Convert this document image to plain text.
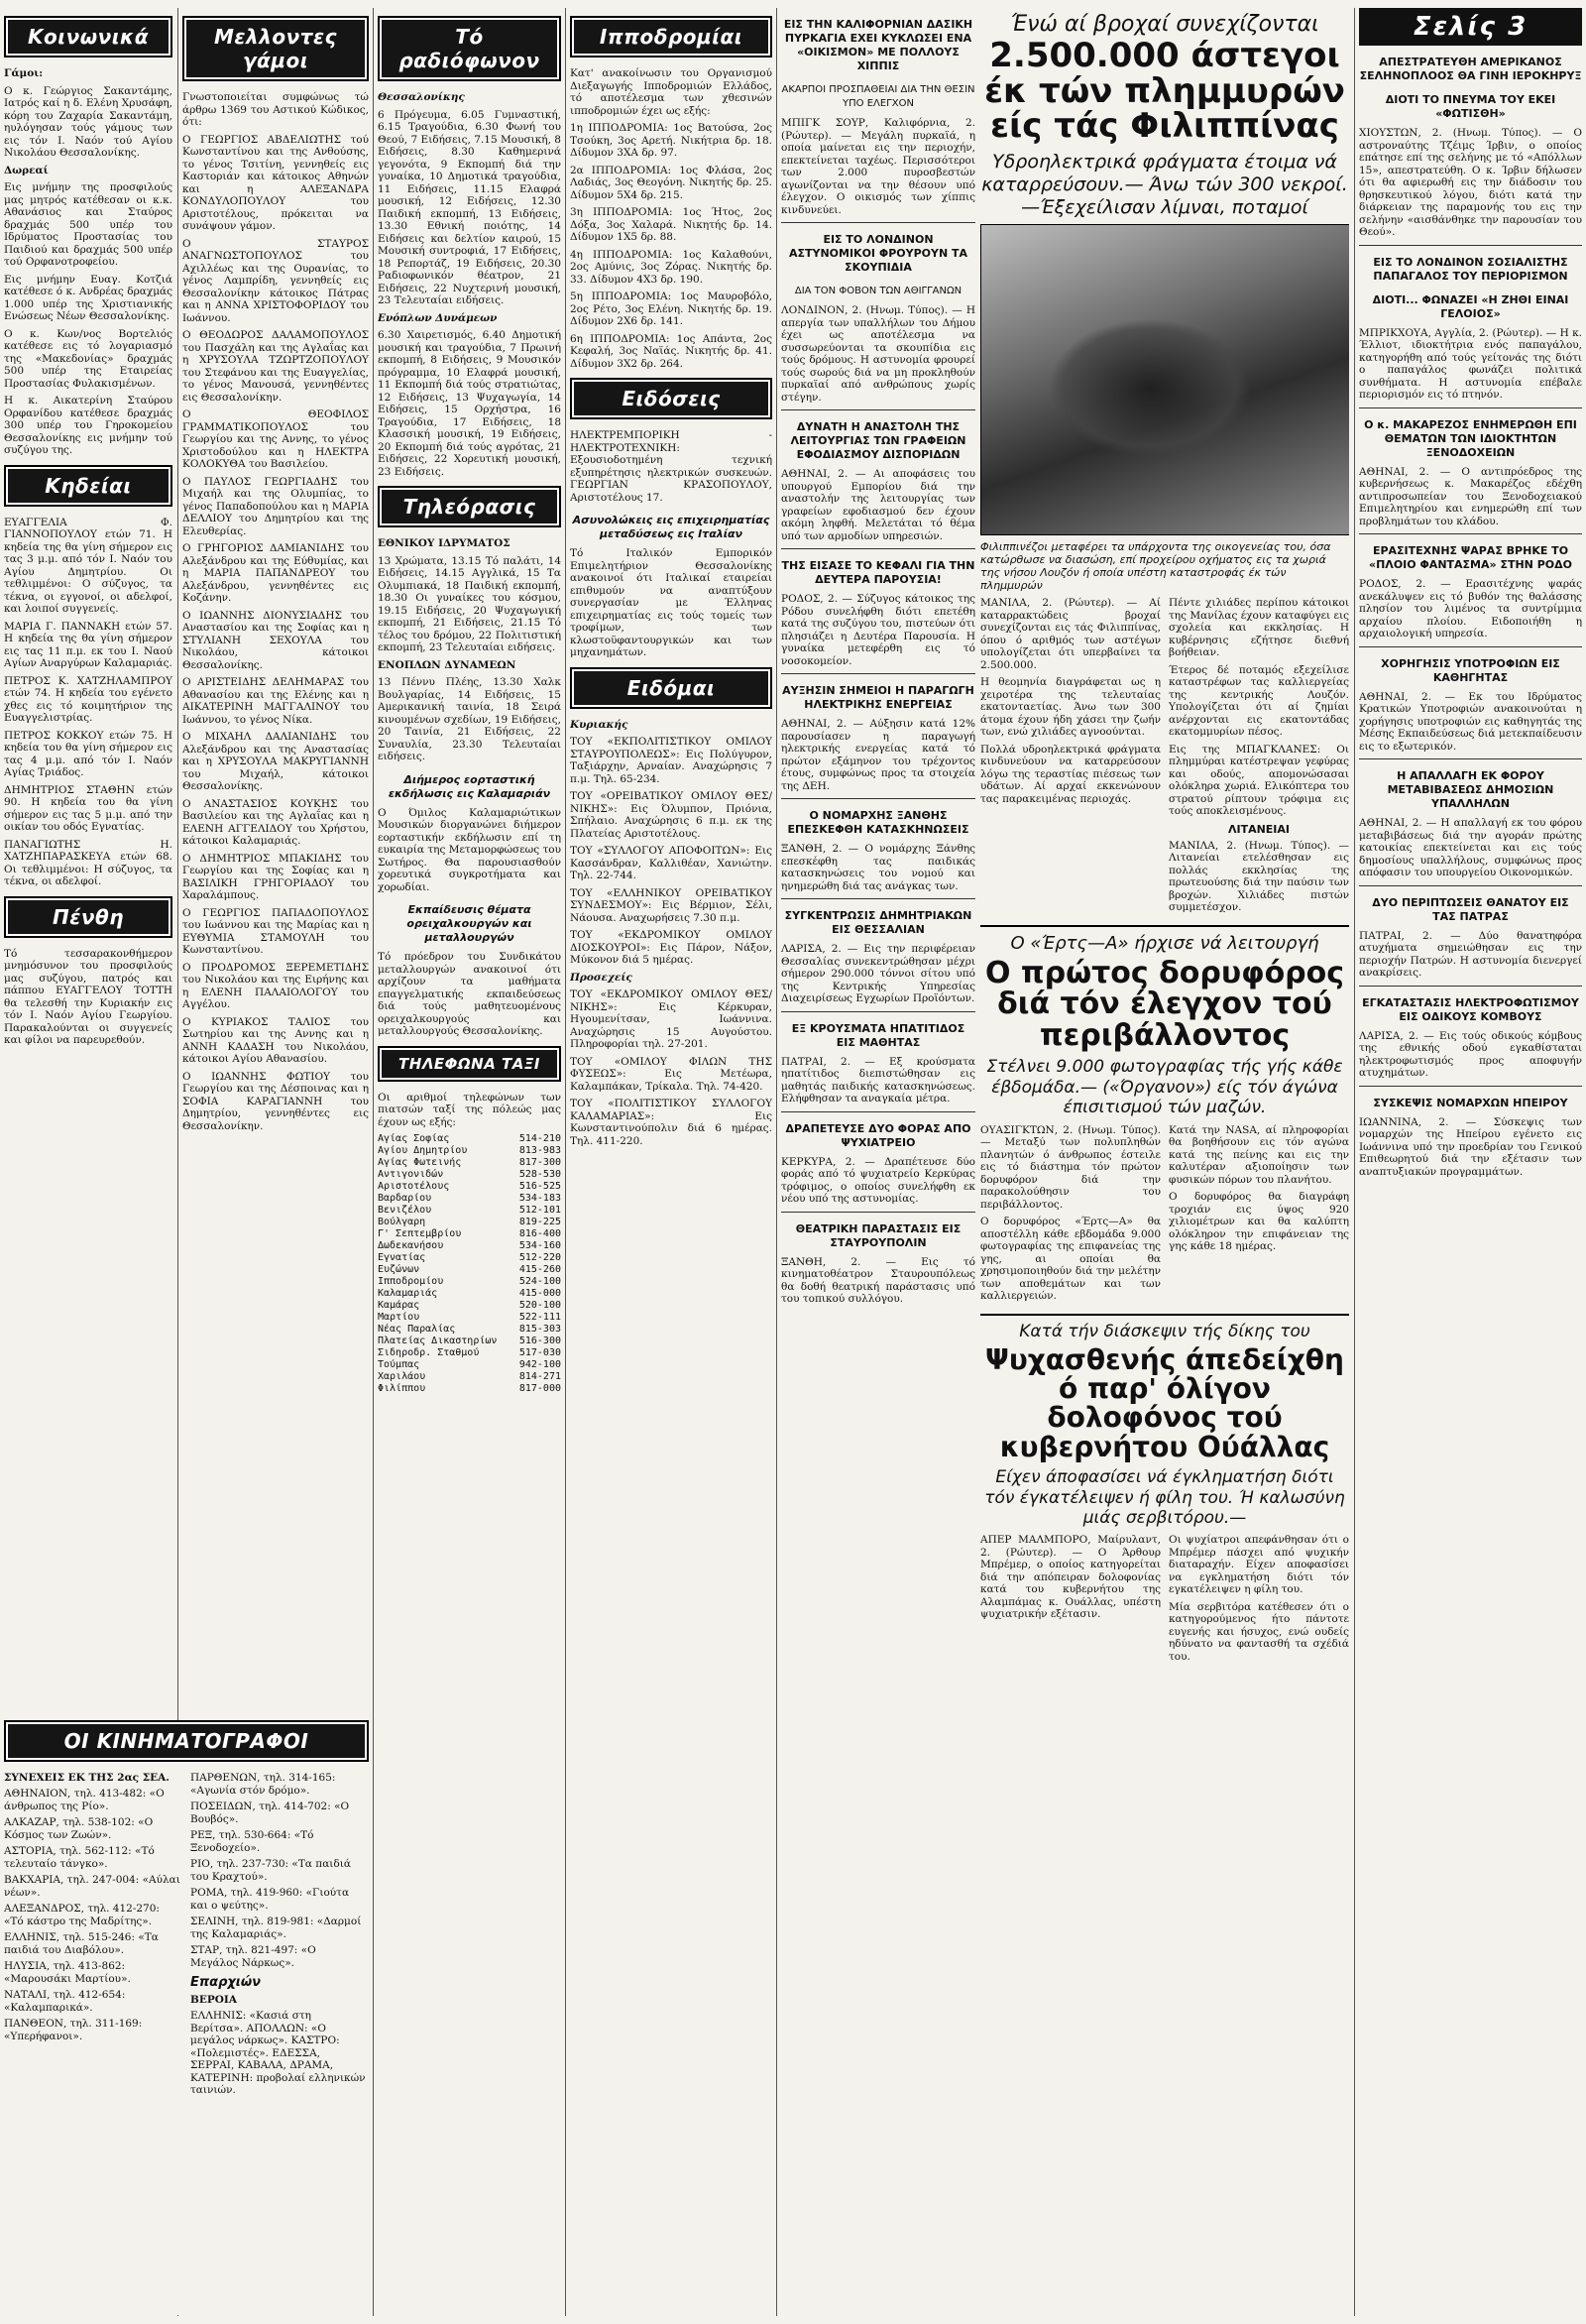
Κοινωνικά

Γάμοι:

Ο κ. Γεώργιος Σακαντάμης, Ιατρός καί η δ. Ελένη Χρυσάφη, κόρη του Ζαχαρία Σακαντάμη, ηυλόγησαν τούς γάμους των εις τόν Ι. Ναόν τού Αγίου Νικολάου Θεσσαλονίκης.

Δωρεαί

Εις μνήμην της προσφιλούς μας μητρός κατέθεσαν οι κ.κ. Αθανάσιος και Σταύρος δραχμάς 500 υπέρ του Ιδρύματος Προστασίας του Παιδιού και δραχμάς 500 υπέρ τού Ορφανοτροφείου.

Εις μνήμην Ευαγ. Κοτζιά κατέθεσε ό κ. Ανδρέας δραχμάς 1.000 υπέρ της Χριστιανικής Ενώσεως Νέων Θεσσαλονίκης.

Ο κ. Κων/νος Βορτελιός κατέθεσε εις τό λογαριασμό της «Μακεδονίας» δραχμάς 500 υπέρ της Εταιρείας Προστασίας Φυλακισμένων.

Η κ. Αικατερίνη Σταύρου Ορφανίδου κατέθεσε δραχμάς 300 υπέρ του Γηροκομείου Θεσσαλονίκης εις μνήμην τού συζύγου της.

Κηδείαι

ΕΥΑΓΓΕΛΙΑ Φ. ΓΙΑΝΝΟΠΟΥΛΟΥ ετών 71. Η κηδεία της θα γίνη σήμερον εις τας 3 μ.μ. από τόν Ι. Ναόν του Αγίου Δημητρίου. Οι τεθλιμμένοι: Ο σύζυγος, τα τέκνα, οι εγγονοί, οι αδελφοί, και λοιποί συγγενείς.

ΜΑΡΙΑ Γ. ΠΑΝΝΑΚΗ ετών 57. Η κηδεία της θα γίνη σήμερον εις τας 11 π.μ. εκ του Ι. Ναού Αγίων Αναργύρων Καλαμαριάς.

ΠΕΤΡΟΣ Κ. ΧΑΤΖΗΛΑΜΠΡΟΥ ετών 74. Η κηδεία του εγένετο χθες εις τό κοιμητήριον της Ευαγγελιστρίας.

ΠΕΤΡΟΣ ΚΟΚΚΟΥ ετών 75. Η κηδεία του θα γίνη σήμερον εις τας 4 μ.μ. από τόν Ι. Ναόν Αγίας Τριάδος.

ΔΗΜΗΤΡΙΟΣ ΣΤΑΘΗΝ ετών 90. Η κηδεία του θα γίνη σήμερον εις τας 5 μ.μ. από την οικίαν του οδός Εγνατίας.

ΠΑΝΑΓΙΩΤΗΣ Η. ΧΑΤΖΗΠΑΡΑΣΚΕΥΑ ετών 68. Οι τεθλιμμένοι: Η σύζυγος, τα τέκνα, οι αδελφοί.

Πένθη

Τό τεσσαρακονθήμερον μνημόσυνον του προσφιλούς μας συζύγου, πατρός και πάππου ΕΥΑΓΓΕΛΟΥ ΤΟΤΤΗ θα τελεσθή την Κυριακήν εις τόν Ι. Ναόν Αγίου Γεωργίου. Παρακαλούνται οι συγγενείς και φίλοι να παρευρεθούν.

ΟΙ ΚΙΝΗΜΑΤΟΓΡΑΦΟΙ

ΣΥΝΕΧΕΙΣ ΕΚ ΤΗΣ 2ας ΣΕΑ.

ΑΘΗΝΑΙΟΝ, τηλ. 413-482: «Ο άνθρωπος της Ρίο».

ΑΛΚΑΖΑΡ, τηλ. 538-102: «Ο Κόσμος των Ζωών».

ΑΣΤΟΡΙΑ, τηλ. 562-112: «Τό τελευταίο τάνγκο».

ΒΑΚΧΑΡΙΑ, τηλ. 247-004: «Αύλαι νέων».

ΑΛΕΞΑΝΔΡΟΣ, τηλ. 412-270: «Τό κάστρο της Μαδρίτης».

ΕΛΛΗΝΙΣ, τηλ. 515-246: «Τα παιδιά του Διαβόλου».

ΗΛΥΣΙΑ, τηλ. 413-862: «Μαρουσάκι Μαρτίου».

ΝΑΤΑΛΙ, τηλ. 412-654: «Καλαμπαρικά».

ΠΑΝΘΕΟΝ, τηλ. 311-169: «Υπερήφανοι».

ΠΑΡΘΕΝΩΝ, τηλ. 314-165: «Αγωνία στόν δρόμο».

ΠΟΣΕΙΔΩΝ, τηλ. 414-702: «Ο Βουβός».

ΡΕΞ, τηλ. 530-664: «Τό Ξενοδοχείο».

ΡΙΟ, τηλ. 237-730: «Τα παιδιά του Κραχτού».

ΡΟΜΑ, τηλ. 419-960: «Γιούτα και ο ψεύτης».

ΣΕΛΙΝΗ, τηλ. 819-981: «Δαρμοί της Καλαμαριάς».

ΣΤΑΡ, τηλ. 821-497: «Ο Μεγάλος Νάρκως».

Επαρχιών

ΒΕΡΟΙΑ

ΕΛΛΗΝΙΣ: «Κασιά στη Βερίτσα». ΑΠΟΛΛΩΝ: «Ο μεγάλος νάρκως». ΚΑΣΤΡΟ: «Πολεμιστές». ΕΔΕΣΣΑ, ΣΕΡΡΑΙ, ΚΑΒΑΛΑ, ΔΡΑΜΑ, ΚΑΤΕΡΙΝΗ: προβολαί ελληνικών ταινιών.

Μελλοντες γάμοι

Γνωστοποιείται συμφώνως τώ άρθρω 1369 του Αστικού Κώδικος, ότι:

Ο ΓΕΩΡΓΙΟΣ ΑΒΔΕΛΙΩΤΗΣ τού Κωνσταντίνου και της Ανθούσης, το γένος Τσιτίνη, γεννηθείς εις Καστοριάν και κάτοικος Αθηνών και η ΑΛΕΞΑΝΔΡΑ ΚΟΝΔΥΛΟΠΟΥΛΟΥ του Αριστοτέλους, πρόκειται να συνάψουν γάμον.

Ο ΣΤΑΥΡΟΣ ΑΝΑΓΝΩΣΤΟΠΟΥΛΟΣ του Αχιλλέως και της Ουρανίας, το γένος Λαμπρίδη, γεννηθείς εις Θεσσαλονίκην κάτοικος Πάτρας και η ΑΝΝΑ ΧΡΙΣΤΟΦΟΡΙΔΟΥ του Ιωάννου.

Ο ΘΕΟΔΩΡΟΣ ΔΑΛΑΜΟΠΟΥΛΟΣ του Πασχάλη και της Αγλαΐας και η ΧΡΥΣΟΥΛΑ ΤΖΩΡΤΖΟΠΟΥΛΟΥ του Στεφάνου και της Ευαγγελίας, το γένος Μανουσά, γεννηθέντες εις Θεσσαλονίκην.

Ο ΘΕΟΦΙΛΟΣ ΓΡΑΜΜΑΤΙΚΟΠΟΥΛΟΣ του Γεωργίου και της Αννης, το γένος Χριστοδούλου και η ΗΛΕΚΤΡΑ ΚΟΛΟΚΥΘΑ του Βασιλείου.

Ο ΠΑΥΛΟΣ ΓΕΩΡΓΙΑΔΗΣ του Μιχαήλ και της Ολυμπίας, το γένος Παπαδοπούλου και η ΜΑΡΙΑ ΔΕΛΛΙΟΥ του Δημητρίου και της Ελευθερίας.

Ο ΓΡΗΓΟΡΙΟΣ ΔΑΜΙΑΝΙΔΗΣ του Αλεξάνδρου και της Εύθυμίας, και η ΜΑΡΙΑ ΠΑΠΑΝΔΡΕΟΥ του Αλεξάνδρου, γεννηθέντες εις Κοζάνην.

Ο ΙΩΑΝΝΗΣ ΔΙΟΝΥΣΙΑΔΗΣ του Αναστασίου και της Σοφίας και η ΣΤΥΛΙΑΝΗ ΣΕΧΟΥΛΑ του Νικολάου, κάτοικοι Θεσσαλονίκης.

Ο ΑΡΙΣΤΕΙΔΗΣ ΔΕΛΗΜΑΡΑΣ του Αθανασίου και της Ελένης και η ΑΙΚΑΤΕΡΙΝΗ ΜΑΓΓΑΛΙΝΟΥ του Ιωάννου, το γένος Νίκα.

Ο ΜΙΧΑΗΛ ΔΑΛΙΑΝΙΔΗΣ του Αλεξάνδρου και της Αναστασίας και η ΧΡΥΣΟΥΛΑ ΜΑΚΡΥΓΙΑΝΝΗ του Μιχαήλ, κάτοικοι Θεσσαλονίκης.

Ο ΑΝΑΣΤΑΣΙΟΣ ΚΟΥΚΗΣ του Βασιλείου και της Αγλαΐας και η ΕΛΕΝΗ ΑΓΓΕΛΙΔΟΥ του Χρήστου, κάτοικοι Καλαμαριάς.

Ο ΔΗΜΗΤΡΙΟΣ ΜΠΑΚΙΔΗΣ του Γεωργίου και της Σοφίας και η ΒΑΣΙΛΙΚΗ ΓΡΗΓΟΡΙΑΔΟΥ του Χαραλάμπους.

Ο ΓΕΩΡΓΙΟΣ ΠΑΠΑΔΟΠΟΥΛΟΣ του Ιωάννου και της Μαρίας και η ΕΥΘΥΜΙΑ ΣΤΑΜΟΥΛΗ του Κωνσταντίνου.

Ο ΠΡΟΔΡΟΜΟΣ ΞΕΡΕΜΕΤΙΔΗΣ του Νικολάου και της Ειρήνης και η ΕΛΕΝΗ ΠΑΛΑΙΟΛΟΓΟΥ του Αγγέλου.

Ο ΚΥΡΙΑΚΟΣ ΤΑΛΙΟΣ του Σωτηρίου και της Αννης και η ΑΝΝΗ ΚΑΔΑΣΗ του Νικολάου, κάτοικοι Αγίου Αθανασίου.

Ο ΙΩΑΝΝΗΣ ΦΩΤΙΟΥ του Γεωργίου και της Δέσποινας και η ΣΟΦΙΑ ΚΑΡΑΓΙΑΝΝΗ του Δημητρίου, γεννηθέντες εις Θεσσαλονίκην.

Τό ραδιόφωνον

Θεσσαλονίκης

6 Πρόγευμα, 6.05 Γυμναστική, 6.15 Τραγούδια, 6.30 Φωνή του Θεού, 7 Ειδήσεις, 7.15 Μουσική, 8 Ειδήσεις, 8.30 Καθημερινά γεγονότα, 9 Εκπομπή διά την γυναίκα, 10 Δημοτικά τραγούδια, 11 Ειδήσεις, 11.15 Ελαφρά μουσική, 12 Ειδήσεις, 12.30 Παιδική εκπομπή, 13 Ειδήσεις, 13.30 Εθνική ποιότης, 14 Ειδήσεις και δελτίον καιρού, 15 Μουσική συντροφιά, 17 Ειδήσεις, 18 Ρεπορτάζ, 19 Ειδήσεις, 20.30 Ραδιοφωνικόν θέατρον, 21 Ειδήσεις, 22 Νυχτερινή μουσική, 23 Τελευταίαι ειδήσεις.

Ενόπλων Δυνάμεων

6.30 Χαιρετισμός, 6.40 Δημοτική μουσική και τραγούδια, 7 Πρωινή εκπομπή, 8 Ειδήσεις, 9 Μουσικόν πρόγραμμα, 10 Ελαφρά μουσική, 11 Εκπομπή διά τούς στρατιώτας, 12 Ειδήσεις, 13 Ψυχαγωγία, 14 Ειδήσεις, 15 Ορχήστρα, 16 Τραγούδια, 17 Ειδήσεις, 18 Κλασσική μουσική, 19 Ειδήσεις, 20 Εκπομπή διά τούς αγρότας, 21 Ειδήσεις, 22 Χορευτική μουσική, 23 Ειδήσεις.

Τηλεόρασις

ΕΘΝΙΚΟΥ ΙΔΡΥΜΑΤΟΣ

13 Χρώματα, 13.15 Τό παλάτι, 14 Ειδήσεις, 14.15 Αγγλικά, 15 Τα Ολυμπιακά, 18 Παιδική εκπομπή, 18.30 Οι γυναίκες του κόσμου, 19.15 Ειδήσεις, 20 Ψυχαγωγική εκπομπή, 21 Ειδήσεις, 21.15 Τό τέλος του δρόμου, 22 Πολιτιστική εκπομπή, 23 Τελευταίαι ειδήσεις.

ΕΝΟΠΛΩΝ ΔΥΝΑΜΕΩΝ

13 Πέννυ Πλέης, 13.30 Χαλκ Βουλγαρίας, 14 Ειδήσεις, 15 Αμερικανική ταινία, 18 Σειρά κινουμένων σχεδίων, 19 Ειδήσεις, 20 Ταινία, 21 Ειδήσεις, 22 Συναυλία, 23.30 Τελευταίαι ειδήσεις.

Διήμερος εορταστική εκδήλωσις εις Καλαμαριάν

Ο Όμιλος Καλαμαριώτικων Μουσικών διοργανώνει διήμερον εορταστικήν εκδήλωσιν επί τη ευκαιρία της Μεταμορφώσεως του Σωτήρος. Θα παρουσιασθούν χορευτικά συγκροτήματα και χορωδίαι.

Εκπαίδευσις θέματα ορειχαλκουργών και μεταλλουργών

Τό πρόεδρον του Συνδικάτου μεταλλουργών ανακοινοί ότι αρχίζουν τα μαθήματα επαγγελματικής εκπαιδεύσεως διά τούς μαθητευομένους ορειχαλκουργούς και μεταλλουργούς Θεσσαλονίκης.

ΤΗΛΕΦΩΝΑ ΤΑΞΙ

Οι αριθμοί τηλεφώνων των πιατσών ταξί της πόλεώς μας έχουν ως εξής:

Αγίας Σοφίας	514-210
Αγίου Δημητρίου	813-983
Αγίας Φωτεινής	817-300
Αντιγονιδών	528-530
Αριστοτέλους	516-525
Βαρδαρίου	534-183
Βενιζέλου	512-101
Βούλγαρη	819-225
Γ' Σεπτεμβρίου	816-400
Δωδεκανήσου	534-160
Εγνατίας	512-220
Ευζώνων	415-260
Ιπποδρομίου	524-100
Καλαμαριάς	415-000
Καμάρας	520-100
Μαρτίου	522-111
Νέας Παραλίας	815-303
Πλατείας Δικαστηρίων 516-300
Σιδηροδρ. Σταθμού	517-030
Τούμπας	942-100
Χαριλάου	814-271
Φιλίππου	817-000
Ιπποδρομίαι

Κατ' ανακοίνωσιν του Οργανισμού Διεξαγωγής Ιπποδρομιών Ελλάδος, τό αποτέλεσμα των χθεσινών ιπποδρομιών έχει ως εξής:

1η ΙΠΠΟΔΡΟΜΙΑ: 1ος Βατούσα, 2ος Τσούκη, 3ος Αρετή. Νικήτρια δρ. 18. Δίδυμον 3ΧΑ δρ. 97.

2α ΙΠΠΟΔΡΟΜΙΑ: 1ος Φλάσα, 2ος Λαδιάς, 3ος Θεογόνη. Νικητής δρ. 25. Δίδυμον 5Χ4 δρ. 215.

3η ΙΠΠΟΔΡΟΜΙΑ: 1ος Ήτος, 2ος Δόξα, 3ος Χαλαρά. Νικητής δρ. 14. Δίδυμον 1Χ5 δρ. 88.

4η ΙΠΠΟΔΡΟΜΙΑ: 1ος Καλαθούνι, 2ος Αμύνις, 3ος Ζόρας. Νικητής δρ. 33. Δίδυμον 4Χ3 δρ. 190.

5η ΙΠΠΟΔΡΟΜΙΑ: 1ος Μαυροβόλο, 2ος Ρέτο, 3ος Ελένη. Νικητής δρ. 19. Δίδυμον 2Χ6 δρ. 141.

6η ΙΠΠΟΔΡΟΜΙΑ: 1ος Απάντα, 2ος Κεφαλή, 3ος Ναϊάς. Νικητής δρ. 41. Δίδυμον 3Χ2 δρ. 264.

Ειδόσεις

ΗΛΕΚΤΡΕΜΠΟΡΙΚΗ - ΗΛΕΚΤΡΟΤΕΧΝΙΚΗ: Εξουσιοδοτημένη τεχνική εξυπηρέτησις ηλεκτρικών συσκευών. ΓΕΩΡΓΙΑΝ ΚΡΑΣΟΠΟΥΛΟΥ, Αριστοτέλους 17.

Ασυνολώκεις εις επιχειρηματίας μεταδύσεως εις Ιταλίαν

Τό Ιταλικόν Εμπορικόν Επιμελητήριον Θεσσαλονίκης ανακοινοί ότι Ιταλικαί εταιρείαι επιθυμούν να αναπτύξουν συνεργασίαν με Έλληνας επιχειρηματίας εις τούς τομείς των τροφίμων, των κλωστοϋφαντουργικών και των μηχανημάτων.

Ειδόμαι

Κυριακής

ΤΟΥ «ΕΚΠΟΛΙΤΙΣΤΙΚΟΥ ΟΜΙΛΟΥ ΣΤΑΥΡΟΥΠΟΛΕΩΣ»: Εις Πολύγυρον, Ταξιάρχην, Αρναίαν. Αναχώρησις 7 π.μ. Τηλ. 65-234.

ΤΟΥ «ΟΡΕΙΒΑΤΙΚΟΥ ΟΜΙΛΟΥ ΘΕΣ/ΝΙΚΗΣ»: Εις Όλυμπον, Πριόνια, Σπήλαιο. Αναχώρησις 6 π.μ. εκ της Πλατείας Αριστοτέλους.

ΤΟΥ «ΣΥΛΛΟΓΟΥ ΑΠΟΦΟΙΤΩΝ»: Εις Κασσάνδραν, Καλλιθέαν, Χανιώτην. Τηλ. 22-744.

ΤΟΥ «ΕΛΛΗΝΙΚΟΥ ΟΡΕΙΒΑΤΙΚΟΥ ΣΥΝΔΕΣΜΟΥ»: Εις Βέρμιον, Σέλι, Νάουσα. Αναχωρήσεις 7.30 π.μ.

ΤΟΥ «ΕΚΔΡΟΜΙΚΟΥ ΟΜΙΛΟΥ ΔΙΟΣΚΟΥΡΟΙ»: Εις Πάρον, Νάξον, Μύκονον διά 5 ημέρας.

Προσεχείς

ΤΟΥ «ΕΚΔΡΟΜΙΚΟΥ ΟΜΙΛΟΥ ΘΕΣ/ΝΙΚΗΣ»: Εις Κέρκυραν, Ηγουμενίτσαν, Ιωάννινα. Αναχώρησις 15 Αυγούστου. Πληροφορίαι τηλ. 27-201.

ΤΟΥ «ΟΜΙΛΟΥ ΦΙΛΩΝ ΤΗΣ ΦΥΣΕΩΣ»: Εις Μετέωρα, Καλαμπάκαν, Τρίκαλα. Τηλ. 74-420.

ΤΟΥ «ΠΟΛΙΤΙΣΤΙΚΟΥ ΣΥΛΛΟΓΟΥ ΚΑΛΑΜΑΡΙΑΣ»: Εις Κωνσταντινούπολιν διά 6 ημέρας. Τηλ. 411-220.

ΕΙΣ ΤΗΝ ΚΑΛΙΦΟΡΝΙΑΝ ΔΑΣΙΚΗ ΠΥΡΚΑΓΙΑ ΕΧΕΙ ΚΥΚΛΩΣΕΙ ΕΝΑ «ΟΙΚΙΣΜΟΝ» ΜΕ ΠΟΛΛΟΥΣ ΧΙΠΠΙΣ
ΑΚΑΡΠΟΙ ΠΡΟΣΠΑΘΕΙΑΙ ΔΙΑ ΤΗΝ ΘΕΣΙΝ ΥΠΟ ΕΛΕΓΧΟΝ

ΜΠΙΓΚ ΣΟΥΡ, Καλιφόρνια, 2. (Ρώυτερ). — Μεγάλη πυρκαϊά, η οποία μαίνεται εις την περιοχήν, επεκτείνεται ταχέως. Περισσότεροι των 2.000 πυροσβεστών αγωνίζονται να την θέσουν υπό έλεγχον. Ο οικισμός των χίππις κινδυνεύει.

ΕΙΣ ΤΟ ΛΟΝΔΙΝΟΝ ΑΣΤΥΝΟΜΙΚΟΙ ΦΡΟΥΡΟΥΝ ΤΑ ΣΚΟΥΠΙΔΙΑ
ΔΙΑ ΤΟΝ ΦΟΒΟΝ ΤΩΝ ΑΘΙΓΓΑΝΩΝ

ΛΟΝΔΙΝΟΝ, 2. (Ηνωμ. Τύπος). — Η απεργία των υπαλλήλων του Δήμου έχει ως αποτέλεσμα να συσσωρεύονται τα σκουπίδια εις τούς δρόμους. Η αστυνομία φρουρεί τούς σωρούς διά να μη προκληθούν πυρκαϊαί από ανθρώπους χωρίς στέγην.

ΔΥΝΑΤΗ Η ΑΝΑΣΤΟΛΗ ΤΗΣ ΛΕΙΤΟΥΡΓΙΑΣ ΤΩΝ ΓΡΑΦΕΙΩΝ ΕΦΟΔΙΑΣΜΟΥ ΔΙΣΠΟΡΙΔΩΝ

ΑΘΗΝΑΙ, 2. — Αι αποφάσεις του υπουργού Εμπορίου διά την αναστολήν της λειτουργίας των γραφείων εφοδιασμού δεν έχουν ακόμη ληφθή. Μελετάται τό θέμα υπό των αρμοδίων υπηρεσιών.

ΤΗΣ ΕΙΣΑΣΕ ΤΟ ΚΕΦΑΛΙ ΓΙΑ ΤΗΝ ΔΕΥΤΕΡΑ ΠΑΡΟΥΣΙΑ!

ΡΟΔΟΣ, 2. — Σύζυγος κάτοικος της Ρόδου συνελήφθη διότι επετέθη κατά της συζύγου του, πιστεύων ότι πλησιάζει η Δευτέρα Παρουσία. Η γυναίκα μετεφέρθη εις τό νοσοκομείον.

ΑΥΞΗΣΙΝ ΣΗΜΕΙΟΙ Η ΠΑΡΑΓΩΓΗ ΗΛΕΚΤΡΙΚΗΣ ΕΝΕΡΓΕΙΑΣ

ΑΘΗΝΑΙ, 2. — Αύξησιν κατά 12% παρουσίασεν η παραγωγή ηλεκτρικής ενεργείας κατά τό πρώτον εξάμηνον του τρέχοντος έτους, συμφώνως προς τα στοιχεία της ΔΕΗ.

Ο ΝΟΜΑΡΧΗΣ ΞΑΝΘΗΣ ΕΠΕΣΚΕΦΘΗ ΚΑΤΑΣΚΗΝΩΣΕΙΣ

ΞΑΝΘΗ, 2. — Ο νομάρχης Ξάνθης επεσκέφθη τας παιδικάς κατασκηνώσεις του νομού και ηνημερώθη διά τας ανάγκας των.

ΣΥΓΚΕΝΤΡΩΣΙΣ ΔΗΜΗΤΡΙΑΚΩΝ ΕΙΣ ΘΕΣΣΑΛΙΑΝ

ΛΑΡΙΣΑ, 2. — Εις την περιφέρειαν Θεσσαλίας συνεκεντρώθησαν μέχρι σήμερον 290.000 τόννοι σίτου υπό της Κεντρικής Υπηρεσίας Διαχειρίσεως Εγχωρίων Προϊόντων.

ΕΞ ΚΡΟΥΣΜΑΤΑ ΗΠΑΤΙΤΙΔΟΣ ΕΙΣ ΜΑΘΗΤΑΣ

ΠΑΤΡΑΙ, 2. — Εξ κρούσματα ηπατίτιδος διεπιστώθησαν εις μαθητάς παιδικής κατασκηνώσεως. Ελήφθησαν τα αναγκαία μέτρα.

ΔΡΑΠΕΤΕΥΣΕ ΔΥΟ ΦΟΡΑΣ ΑΠΟ ΨΥΧΙΑΤΡΕΙΟ

ΚΕΡΚΥΡΑ, 2. — Δραπέτευσε δύο φοράς από τό ψυχιατρείο Κερκύρας τρόφιμος, ο οποίος συνελήφθη εκ νέου υπό της αστυνομίας.

ΘΕΑΤΡΙΚΗ ΠΑΡΑΣΤΑΣΙΣ ΕΙΣ ΣΤΑΥΡΟΥΠΟΛΙΝ

ΞΑΝΘΗ, 2. — Εις τό κινηματοθέατρον Σταυρουπόλεως θα δοθή θεατρική παράστασις υπό του τοπικού συλλόγου.

Ένώ αί βροχαί συνεχίζονται
2.500.000 άστεγοι έκ τών πλημμυρών είς τάς Φιλιππίνας
Υδροηλεκτρικά φράγματα έτοιμα νά καταρρεύσουν.— Άνω τών 300 νεκροί.—Έξεχείλισαν λίμναι, ποταμοί
Φιλιππινέζοι μεταφέρει τα υπάρχοντα της οικογενείας του, όσα κατώρθωσε να διασώση, επί προχείρου οχήματος εις τα χωριά της νήσου Λουζόν ή οποία υπέστη καταστροφάς έκ τών πλημμυρών

ΜΑΝΙΛΑ, 2. (Ρώυτερ). — Αί καταρρακτώδεις βροχαί συνεχίζονται εις τάς Φιλιππίνας, όπου ό αριθμός των αστέγων υπολογίζεται ότι υπερβαίνει τα 2.500.000.

Η θεομηνία διαγράφεται ως η χειροτέρα της τελευταίας εκατονταετίας. Άνω των 300 άτομα έχουν ήδη χάσει την ζωήν των, ενώ χιλιάδες αγνοούνται.

Πολλά υδροηλεκτρικά φράγματα κινδυνεύουν να καταρρεύσουν λόγω της τεραστίας πιέσεως των υδάτων. Αί αρχαί εκκενώνουν τας παρακειμένας περιοχάς.

Πέντε χιλιάδες περίπου κάτοικοι της Μανίλας έχουν καταφύγει εις σχολεία και εκκλησίας. Η κυβέρνησις εζήτησε διεθνή βοήθειαν.

Έτερος δέ ποταμός εξεχείλισε καταστρέφων τας καλλιεργείας της κεντρικής Λουζόν. Υπολογίζεται ότι αί ζημίαι ανέρχονται εις εκατοντάδας εκατομμυρίων πέσος.

Εις της ΜΠΑΓΚΛΑΝΕΣ: Οι πλημμύραι κατέστρεψαν γεφύρας και οδούς, απομονώσασαι ολόκληρα χωριά. Ελικόπτερα του στρατού ρίπτουν τρόφιμα εις τούς αποκλεισμένους.

ΛΙΤΑΝΕΙΑΙ

ΜΑΝΙΛΑ, 2. (Ηνωμ. Τύπος). — Λιτανείαι ετελέσθησαν εις πολλάς εκκλησίας της πρωτευούσης διά την παύσιν των βροχών. Χιλιάδες πιστών συμμετέσχον.

Ο «Έρτς—Α» ήρχισε νά λειτουργή
Ο πρώτος δορυφόρος διά τόν έλεγχον τού περιβάλλοντος
Στέλνει 9.000 φωτογραφίας τής γής κάθε έβδομάδα.— («Όργανον») είς τόν άγώνα έπισιτισμού τών μαζών.

ΟΥΑΣΙΓΚΤΩΝ, 2. (Ηνωμ. Τύπος). — Μεταξύ των πολυπληθών πλανητών ό άνθρωπος έστειλε εις τό διάστημα τόν πρώτον δορυφόρον διά την παρακολούθησιν του περιβάλλοντος.

Ο δορυφόρος «Έρτς—Α» θα αποστέλλη κάθε εβδομάδα 9.000 φωτογραφίας της επιφανείας της γης, αι οποίαι θα χρησιμοποιηθούν διά την μελέτην των αποθεμάτων και των καλλιεργειών.

Κατά την NASA, αί πληροφορίαι θα βοηθήσουν εις τόν αγώνα κατά της πείνης και εις την καλυτέραν αξιοποίησιν των φυσικών πόρων του πλανήτου.

Ο δορυφόρος θα διαγράφη τροχιάν εις ύψος 920 χιλιομέτρων και θα καλύπτη ολόκληρον την επιφάνειαν της γης κάθε 18 ημέρας.

Κατά τήν διάσκεψιν τής δίκης του
Ψυχασθενής άπεδείχθη ό παρ' όλίγον δολοφόνος τού κυβερνήτου Ούάλλας
Είχεν άποφασίσει νά έγκληματήση διότι τόν έγκατέλειψεν ή φίλη του. Ή καλωσύνη μιάς σερβιτόρου.—

ΑΠΕΡ ΜΑΛΜΠΟΡΟ, Μαίρυλαντ, 2. (Ρώυτερ). — Ο Άρθουρ Μπρέμερ, ο οποίος κατηγορείται διά την απόπειραν δολοφονίας κατά του κυβερνήτου της Αλαμπάμας κ. Ουάλλας, υπέστη ψυχιατρικήν εξέτασιν.

Οι ψυχίατροι απεφάνθησαν ότι ο Μπρέμερ πάσχει από ψυχικήν διαταραχήν. Είχεν αποφασίσει να εγκληματήση διότι τόν εγκατέλειψεν η φίλη του.

Μία σερβιτόρα κατέθεσεν ότι ο κατηγορούμενος ήτο πάντοτε ευγενής και ήσυχος, ενώ ουδείς ηδύνατο να φαντασθή τα σχέδιά του.

Σελίς 3
ΑΠΕΣΤΡΑΤΕΥΘΗ ΑΜΕΡΙΚΑΝΟΣ ΣΕΛΗΝΟΠΛΟΟΣ ΘΑ ΓΙΝΗ ΙΕΡΟΚΗΡΥΞ
ΔΙΟΤΙ ΤΟ ΠΝΕΥΜΑ ΤΟΥ ΕΚΕΙ «ΦΩΤΙΣΘΗ»

ΧΙΟΥΣΤΩΝ, 2. (Ηνωμ. Τύπος). — Ο αστροναύτης Τζέιμς Ίρβιν, ο οποίος επάτησε επί της σελήνης με τό «Απόλλων 15», απεστρατεύθη. Ο κ. Ίρβιν δήλωσεν ότι θα αφιερωθή εις την διάδοσιν του θρησκευτικού λόγου, διότι κατά την διάρκειαν της παραμονής του εις την σελήνην «αισθάνθηκε την παρουσίαν του Θεού».

ΕΙΣ ΤΟ ΛΟΝΔΙΝΟΝ ΣΟΣΙΑΛΙΣΤΗΣ ΠΑΠΑΓΑΛΟΣ ΤΟΥ ΠΕΡΙΟΡΙΣΜΟΝ
ΔΙΟΤΙ... ΦΩΝΑΖΕΙ «Η ΖΗΘΙ ΕΙΝΑΙ ΓΕΛΟΙΟΣ»

ΜΠΡΙΚΧΟΥΑ, Αγγλία, 2. (Ρώυτερ). — Η κ. Έλλιοτ, ιδιοκτήτρια ενός παπαγάλου, κατηγορήθη από τούς γείτονάς της διότι ο παπαγάλος φωνάζει πολιτικά συνθήματα. Η αστυνομία επέβαλε περιορισμόν εις τό πτηνόν.

Ο κ. ΜΑΚΑΡΕΖΟΣ ΕΝΗΜΕΡΩΘΗ ΕΠΙ ΘΕΜΑΤΩΝ ΤΩΝ ΙΔΙΟΚΤΗΤΩΝ ΞΕΝΟΔΟΧΕΙΩΝ

ΑΘΗΝΑΙ, 2. — Ο αντιπρόεδρος της κυβερνήσεως κ. Μακαρέζος εδέχθη αντιπροσωπείαν του Ξενοδοχειακού Επιμελητηρίου και ενημερώθη επί των προβλημάτων του κλάδου.

ΕΡΑΣΙΤΕΧΝΗΣ ΨΑΡΑΣ ΒΡΗΚΕ ΤΟ «ΠΛΟΙΟ ΦΑΝΤΑΣΜΑ» ΣΤΗΝ ΡΟΔΟ

ΡΟΔΟΣ, 2. — Ερασιτέχνης ψαράς ανεκάλυψεν εις τό βυθόν της θαλάσσης πλησίον του λιμένος τα συντρίμμια αρχαίου πλοίου. Ειδοποιήθη η αρχαιολογική υπηρεσία.

ΧΟΡΗΓΗΣΙΣ ΥΠΟΤΡΟΦΙΩΝ ΕΙΣ ΚΑΘΗΓΗΤΑΣ

ΑΘΗΝΑΙ, 2. — Εκ του Ιδρύματος Κρατικών Υποτροφιών ανακοινούται η χορήγησις υποτροφιών εις καθηγητάς της Μέσης Εκπαιδεύσεως διά μετεκπαίδευσιν εις το εξωτερικόν.

Η ΑΠΑΛΛΑΓΗ ΕΚ ΦΟΡΟΥ ΜΕΤΑΒΙΒΑΣΕΩΣ ΔΗΜΟΣΙΩΝ ΥΠΑΛΛΗΛΩΝ

ΑΘΗΝΑΙ, 2. — Η απαλλαγή εκ του φόρου μεταβιβάσεως διά την αγοράν πρώτης κατοικίας επεκτείνεται και εις τούς δημοσίους υπαλλήλους, συμφώνως προς απόφασιν του υπουργείου Οικονομικών.

ΔΥΟ ΠΕΡΙΠΤΩΣΕΙΣ ΘΑΝΑΤΟΥ ΕΙΣ ΤΑΣ ΠΑΤΡΑΣ

ΠΑΤΡΑΙ, 2. — Δύο θανατηφόρα ατυχήματα σημειώθησαν εις την περιοχήν Πατρών. Η αστυνομία διενεργεί ανακρίσεις.

ΕΓΚΑΤΑΣΤΑΣΙΣ ΗΛΕΚΤΡΟΦΩΤΙΣΜΟΥ ΕΙΣ ΟΔΙΚΟΥΣ ΚΟΜΒΟΥΣ

ΛΑΡΙΣΑ, 2. — Εις τούς οδικούς κόμβους της εθνικής οδού εγκαθίσταται ηλεκτροφωτισμός προς αποφυγήν ατυχημάτων.

ΣΥΣΚΕΨΙΣ ΝΟΜΑΡΧΩΝ ΗΠΕΙΡΟΥ

ΙΩΑΝΝΙΝΑ, 2. — Σύσκεψις των νομαρχών της Ηπείρου εγένετο εις Ιωάννινα υπό την προεδρίαν του Γενικού Επιθεωρητού διά την εξέτασιν των αναπτυξιακών προγραμμάτων.
